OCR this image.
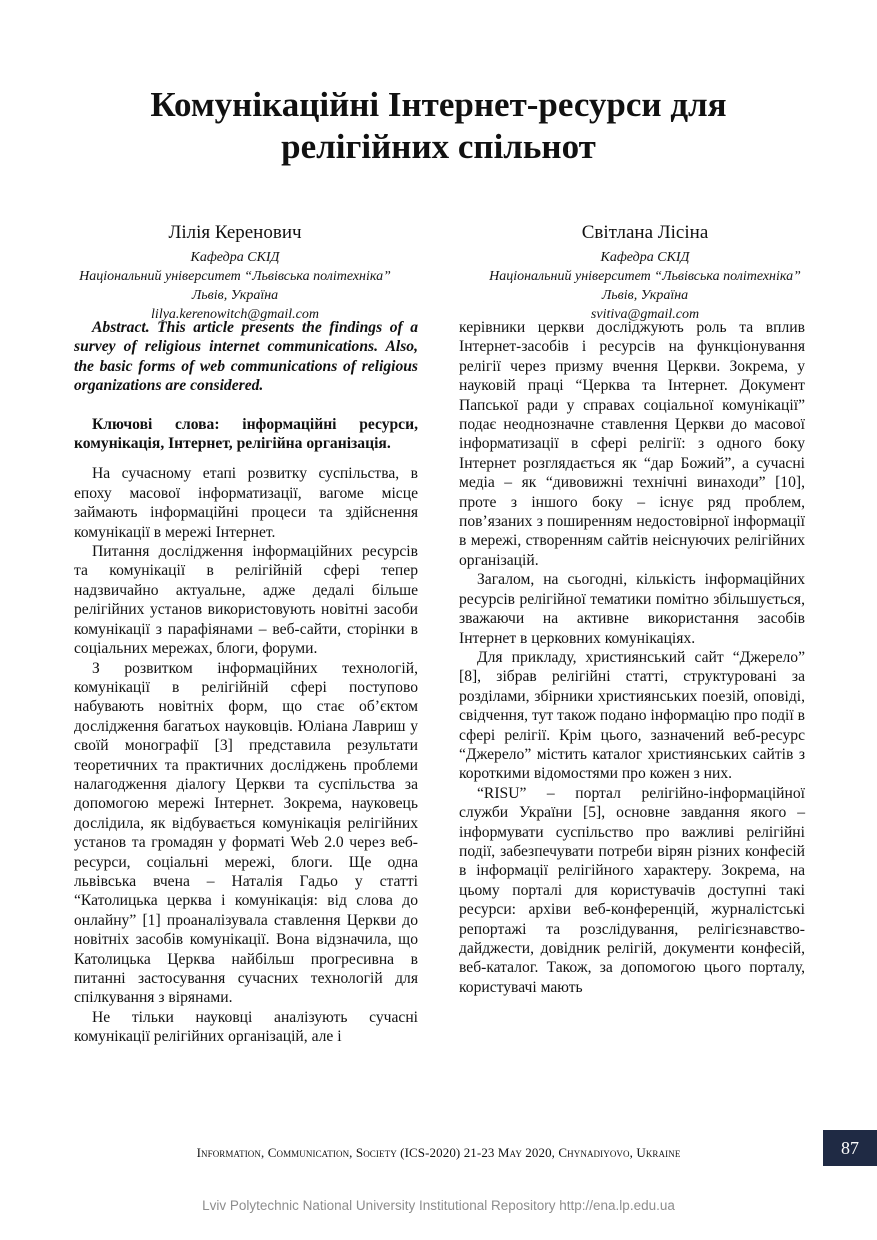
Комунікаційні Інтернет-ресурси для
релігійних спільнот
Лілія Керенович
Кафедра СКІД
Національний університет “Львівська політехніка”
Львів, Україна
lilya.kerenowitch@gmail.com
Світлана Лісіна
Кафедра СКІД
Національний університет “Львівська політехніка”
Львів, Україна
svitiva@gmail.com

Abstract. This article presents the findings of a survey of religious internet communications. Also, the basic forms of web communications of religious organizations are considered.

Ключові слова: інформаційні ресурси, комунікація, Інтернет, релігійна організація.

На сучасному етапі розвитку суспільства, в епоху масової інформатизації, вагоме місце займають інформаційні процеси та здійснення комунікації в мережі Інтернет.

Питання дослідження інформаційних ресурсів та комунікації в релігійній сфері тепер надзвичайно актуальне, адже дедалі більше релігійних установ використовують новітні засоби комунікації з парафіянами – веб-сайти, сторінки в соціальних мережах, блоги, форуми.

З розвитком інформаційних технологій, комунікації в релігійній сфері поступово набувають новітніх форм, що стає об’єктом дослідження багатьох науковців. Юліана Лавриш у своїй монографії [3] представила результати теоретичних та практичних досліджень проблеми налагодження діалогу Церкви та суспільства за допомогою мережі Інтернет. Зокрема, науковець дослідила, як відбувається комунікація релігійних установ та громадян у форматі Web 2.0 через веб-ресурси, соціальні мережі, блоги. Ще одна львівська вчена – Наталія Гадьо у статті “Католицька церква і комунікація: від слова до онлайну” [1] проаналізувала ставлення Церкви до новітніх засобів комунікації. Вона відзначила, що Католицька Церква найбільш прогресивна в питанні застосування сучасних технологій для спілкування з вірянами.

Не тільки науковці аналізують сучасні комунікації релігійних організацій, але і

керівники церкви досліджують роль та вплив Інтернет-засобів і ресурсів на функціонування релігії через призму вчення Церкви. Зокрема, у науковій праці “Церква та Інтернет. Документ Папської ради у справах соціальної комунікації” подає неоднозначне ставлення Церкви до масової інформатизації в сфері релігії: з одного боку Інтернет розглядається як “дар Божий”, а сучасні медіа – як “дивовижні технічні винаходи” [10], проте з іншого боку – існує ряд проблем, пов’язаних з поширенням недостовірної інформації в мережі, створенням сайтів неіснуючих релігійних організацій.

Загалом, на сьогодні, кількість інформаційних ресурсів релігійної тематики помітно збільшується, зважаючи на активне використання засобів Інтернет в церковних комунікаціях.

Для прикладу, християнський сайт “Джерело” [8], зібрав релігійні статті, структуровані за розділами, збірники християнських поезій, оповіді, свідчення, тут також подано інформацію про події в сфері релігії. Крім цього, зазначений веб-ресурс “Джерело” містить каталог християнських сайтів з короткими відомостями про кожен з них.

“RISU” – портал релігійно-інформаційної служби України [5], основне завдання якого – інформувати суспільство про важливі релігійні події, забезпечувати потреби вірян різних конфесій в інформації релігійного характеру. Зокрема, на цьому порталі для користувачів доступні такі ресурси: архіви веб-конференцій, журналістські репортажі та розслідування, релігієзнавство-дайджести, довідник релігій, документи конфесій, веб-каталог. Також, за допомогою цього порталу, користувачі мають

Information, Communication, Society (ICS-2020) 21-23 May 2020, Chynadiyovo, Ukraine	87
Lviv Polytechnic National University Institutional Repository http://ena.lp.edu.ua
